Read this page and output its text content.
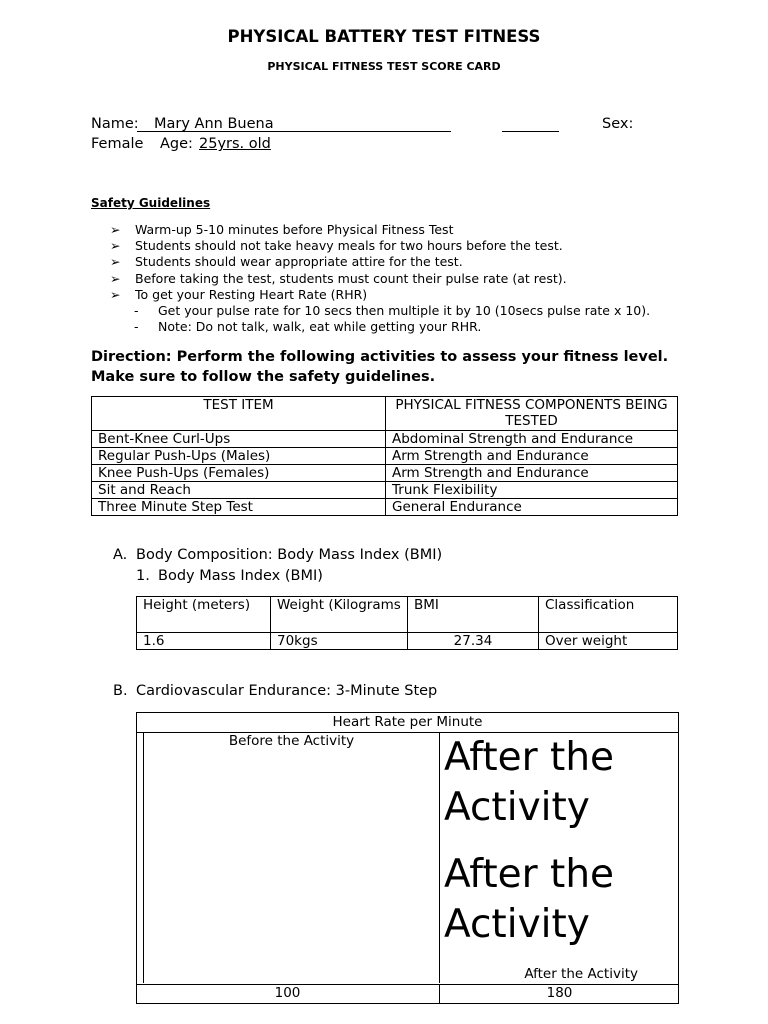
PHYSICAL BATTERY TEST FITNESS
PHYSICAL FITNESS TEST SCORE CARD
Name: Mary Ann Buena	Sex:
Female Age: 25yrs. old
Safety Guidelines
➢ Warm-up 5-10 minutes before Physical Fitness Test
➢ Students should not take heavy meals for two hours before the test.
➢ Students should wear appropriate attire for the test.
➢ Before taking the test, students must count their pulse rate (at rest).
➢ To get your Resting Heart Rate (RHR)
- Get your pulse rate for 10 secs then multiple it by 10 (10secs pulse rate x 10).
- Note: Do not talk, walk, eat while getting your RHR.
Direction: Perform the following activities to assess your fitness level. Make sure to follow the safety guidelines.
TEST ITEM	PHYSICAL FITNESS COMPONENTS BEING TESTED
Bent-Knee Curl-Ups	Abdominal Strength and Endurance
Regular Push-Ups (Males)	Arm Strength and Endurance
Knee Push-Ups (Females)	Arm Strength and Endurance
Sit and Reach	Trunk Flexibility
Three Minute Step Test	General Endurance
A. Body Composition: Body Mass Index (BMI)
1. Body Mass Index (BMI)
Height (meters)	Weight (Kilograms	BMI	Classification
1.6	70kgs	27.34	Over weight
B. Cardiovascular Endurance: 3-Minute Step
Heart Rate per Minute
Before the Activity	After the Activity
After the Activity
After the Activity
100	180
